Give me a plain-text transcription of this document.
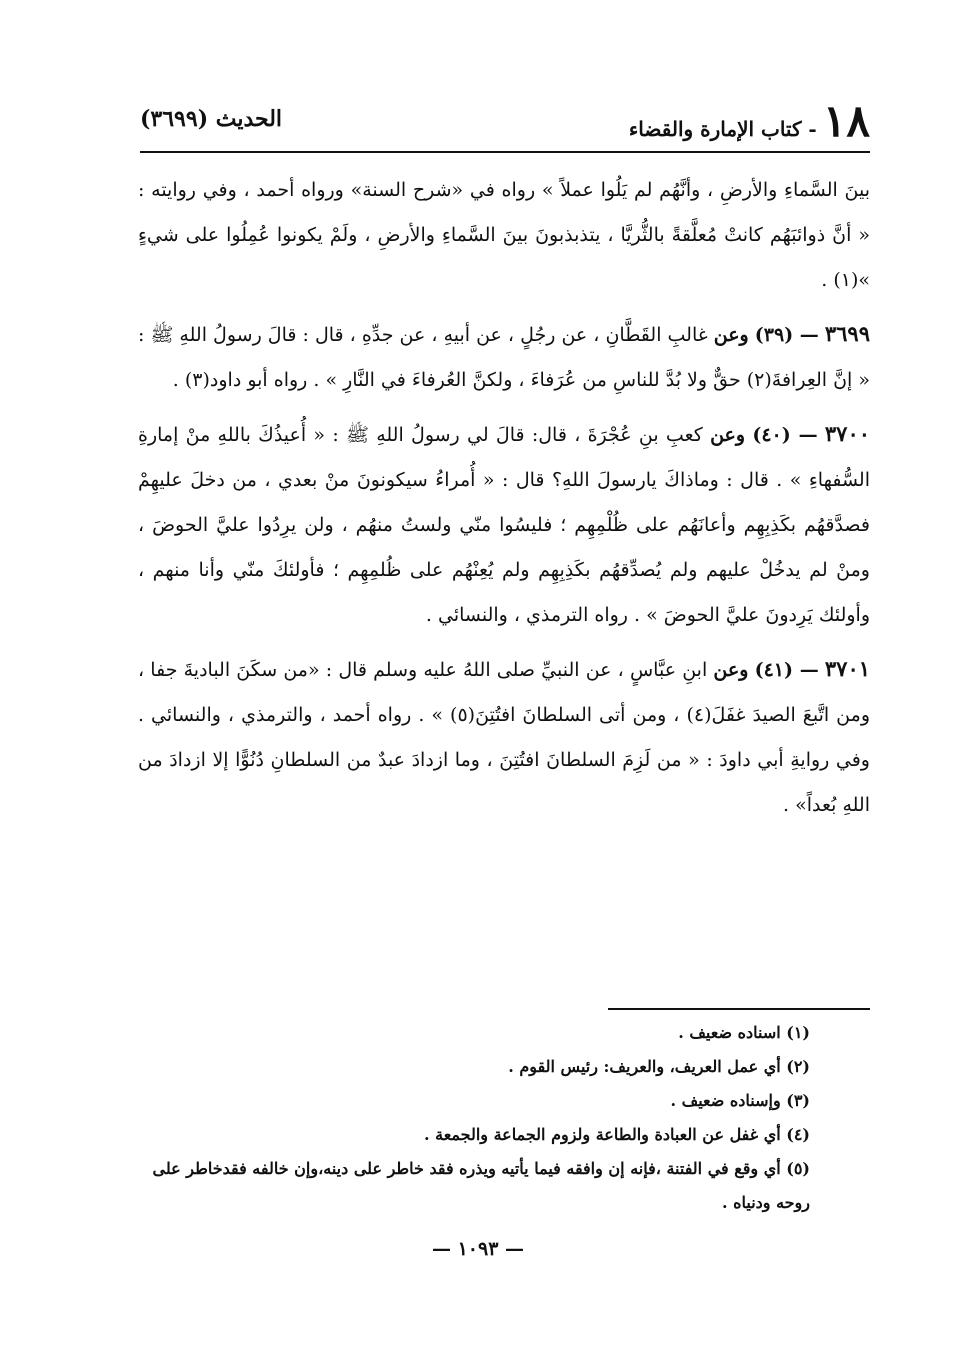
١٨
- كتاب الإمارة والقضاء
الحديث (٣٦٩٩)

بينَ السَّماءِ والأرضِ ، وأنَّهُم لم يَلُوا عملاً » رواه في «شرح السنة» ورواه أحمد ، وفي روايته : « أنَّ ذوائبَهُم كانتْ مُعلَّقةً بالثُّريَّا ، يتذبذبونَ بينَ السَّماءِ والأرضِ ، ولَمْ يكونوا عُمِلُوا على شيءٍ »(١) .

٣٦٩٩ — (٣٩) وعن غالبِ القَطَّانِ ، عن رجُلٍ ، عن أبيهِ ، عن جدِّهِ ، قال : قالَ رسولُ اللهِ ﷺ : « إنَّ العِرافةَ(٢) حقٌّ ولا بُدَّ للناسِ من عُرَفاءَ ، ولكنَّ العُرفاءَ في النَّارِ » . رواه أبو داود(٣) .

٣٧٠٠ — (٤٠) وعن كعبِ بنِ عُجْرَةَ ، قال: قالَ لي رسولُ اللهِ ﷺ : « أُعيذُكَ باللهِ منْ إمارةِ السُّفهاءِ » . قال : وماذاكَ يارسولَ اللهِ؟ قال : « أُمراءُ سيكونونَ منْ بعدي ، من دخلَ عليهِمْ فصدَّقهُم بكَذِبِهِم وأعانَهُم على ظُلْمِهِم ؛ فليسُوا منّي ولستُ منهُم ، ولن يرِدُوا عليَّ الحوضَ ، ومنْ لم يدخُلْ عليهم ولم يُصدِّقهُم بكَذِبِهِم ولم يُعِنْهُم على ظُلمِهِم ؛ فأولئكَ منّي وأنا منهم ، وأولئك يَرِدونَ عليَّ الحوضَ » . رواه الترمذي ، والنسائي .

٣٧٠١ — (٤١) وعن ابنِ عبَّاسٍ ، عن النبيِّ صلى اللهُ عليه وسلم قال : «من سكَنَ الباديةَ جفا ، ومن اتَّبعَ الصيدَ غفَلَ(٤) ، ومن أتى السلطانَ افتُتِنَ(٥) » . رواه أحمد ، والترمذي ، والنسائي . وفي روايةِ أبي داودَ : « من لَزِمَ السلطانَ افتُتِنَ ، وما ازدادَ عبدٌ من السلطانِ دُنُوًّا إلا ازدادَ من اللهِ بُعداً» .

(١) اسناده ضعيف .

(٢) أي عمل العريف، والعريف: رئيس القوم .

(٣) وإسناده ضعيف .

(٤) أي غفل عن العبادة والطاعة ولزوم الجماعة والجمعة .

(٥) أي وقع في الفتنة ،فإنه إن وافقه فيما يأتيه ويذره فقد خاطر على دينه،وإن خالفه فقدخاطر على روحه ودنياه .

— ١٠٩٣ —
